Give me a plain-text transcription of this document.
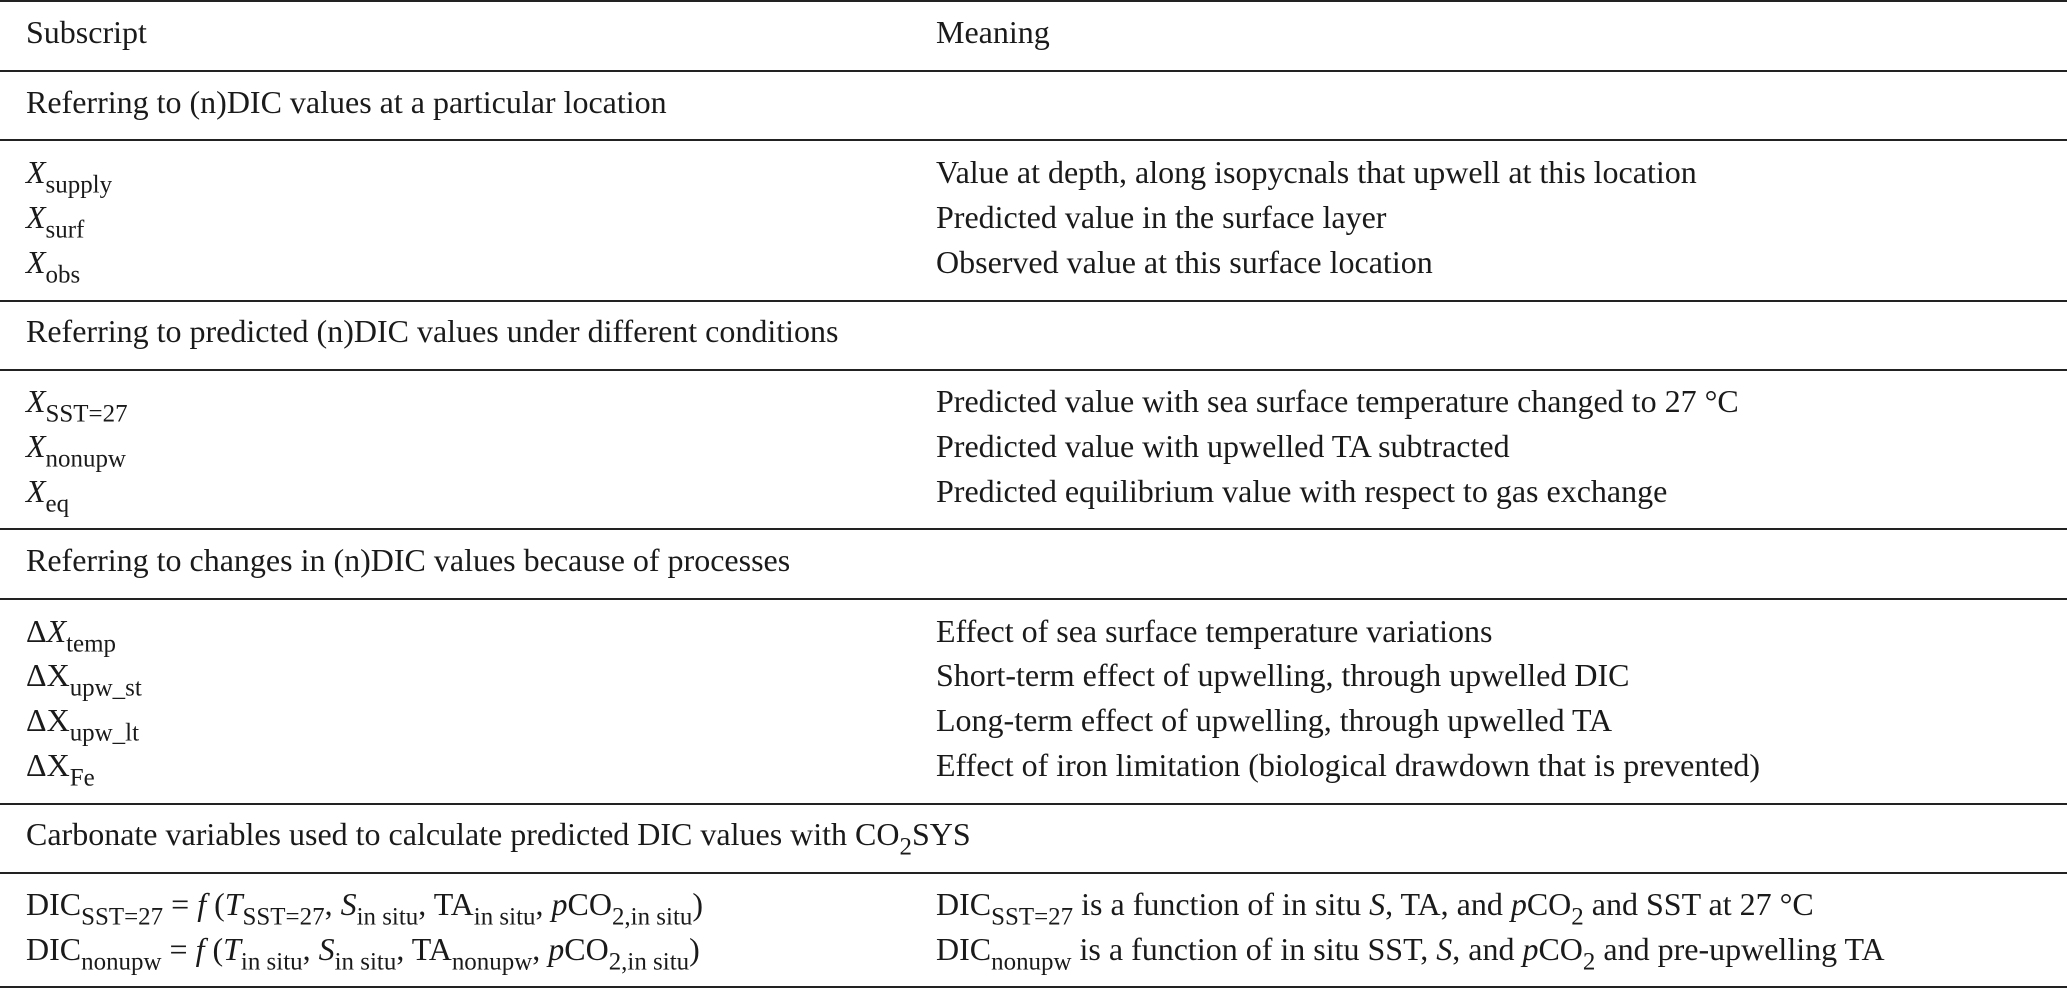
Subscript	Meaning
Referring to (n)DIC values at a particular location
$X_{supply}$	Value at depth, along isopycnals that upwell at this location
$X_{surf}$	Predicted value in the surface layer
$X_{obs}$	Observed value at this surface location
Referring to predicted (n)DIC values under different conditions
$X_{SST=27}$	Predicted value with sea surface temperature changed to 27 °C
$X_{nonupw}$	Predicted value with upwelled TA subtracted
$X_{eq}$	Predicted equilibrium value with respect to gas exchange
Referring to changes in (n)DIC values because of processes
$\Delta X_{temp}$	Effect of sea surface temperature variations
$\Delta X_{upw\_st}$	Short-term effect of upwelling, through upwelled DIC
$\Delta X_{upw\_lt}$	Long-term effect of upwelling, through upwelled TA
$\Delta X_{Fe}$	Effect of iron limitation (biological drawdown that is prevented)
Carbonate variables used to calculate predicted DIC values with $CO_2SYS$
$DIC_{SST=27} = f$ ($T_{SST=27}$, $S_{in situ}$, $TA_{in situ}$, pCO$_{2,in situ}$)	$DIC_{SST=27}$ is a function of in situ S, TA, and pCO$_2$ and SST at 27 °C
$DIC_{nonupw} = f$ ($T_{in situ}$, $S_{in situ}$, $TA_{nonupw}$, pCO$_{2,in situ}$)	$DIC_{nonupw}$ is a function of in situ SST, S, and pCO$_2$ and pre-upwelling TA
